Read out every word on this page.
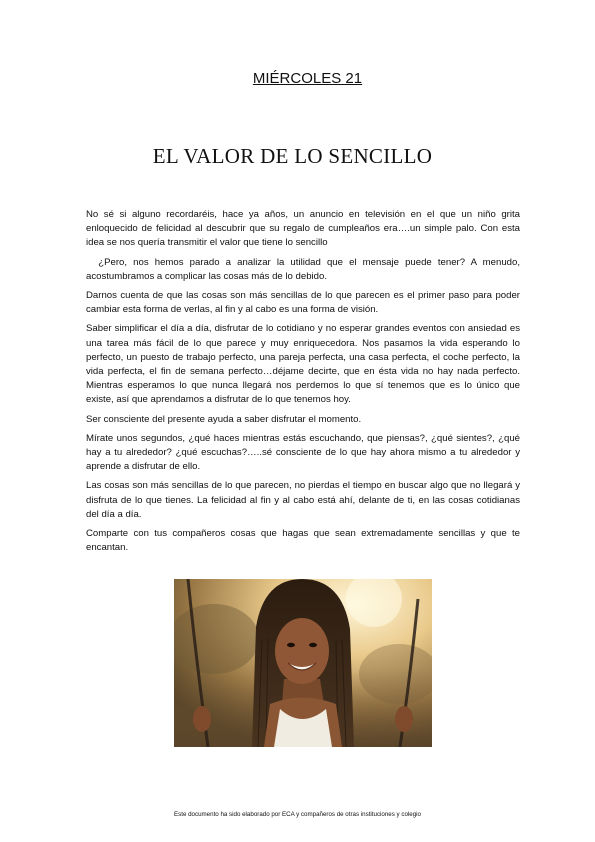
MIÉRCOLES 21
EL VALOR DE LO SENCILLO

No sé si alguno recordaréis, hace ya años, un anuncio en televisión en el que un niño grita enloquecido de felicidad al descubrir que su regalo de cumpleaños era….un simple palo. Con esta idea se nos quería transmitir el valor que tiene lo sencillo

¿Pero, nos hemos parado a analizar la utilidad que el mensaje puede tener? A menudo, acostumbramos a complicar las cosas más de lo debido.

Darnos cuenta de que las cosas son más sencillas de lo que parecen es el primer paso para poder cambiar esta forma de verlas, al fin y al cabo es una forma de visión.

Saber simplificar el día a día, disfrutar de lo cotidiano y no esperar grandes eventos con ansiedad es una tarea más fácil de lo que parece y muy enriquecedora. Nos pasamos la vida esperando lo perfecto, un puesto de trabajo perfecto, una pareja perfecta, una casa perfecta, el coche perfecto, la vida perfecta, el fin de semana perfecto…déjame decirte, que en ésta vida no hay nada perfecto. Mientras esperamos lo que nunca llegará nos perdemos lo que sí tenemos que es lo único que existe, así que aprendamos a disfrutar de lo que tenemos hoy.

Ser consciente del presente ayuda a saber disfrutar el momento.

Mírate unos segundos, ¿qué haces mientras estás escuchando, que piensas?, ¿qué sientes?, ¿qué hay a tu alrededor? ¿qué escuchas?…..sé consciente de lo que hay ahora mismo a tu alrededor y aprende a disfrutar de ello.

Las cosas son más sencillas de lo que parecen, no pierdas el tiempo en buscar algo que no llegará y disfruta de lo que tienes. La felicidad al fin y al cabo está ahí, delante de ti, en las cosas cotidianas del día a día.

Comparte con tus compañeros cosas que hagas que sean extremadamente sencillas y que te encantan.

Este documento ha sido elaborado por ECA y compañeros de otras instituciones y colegio
